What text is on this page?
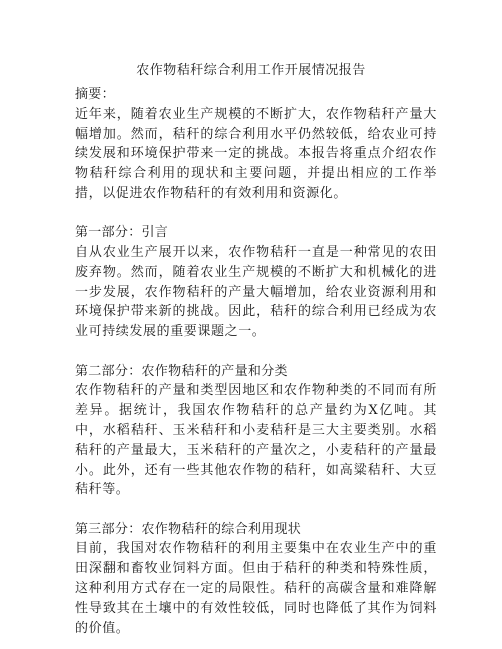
农作物秸秆综合利用工作开展情况报告

摘要：

近年来，随着农业生产规模的不断扩大，农作物秸秆产量大幅增加。然而，秸秆的综合利用水平仍然较低，给农业可持续发展和环境保护带来一定的挑战。本报告将重点介绍农作物秸秆综合利用的现状和主要问题，并提出相应的工作举措，以促进农作物秸秆的有效利用和资源化。

第一部分：引言

自从农业生产展开以来，农作物秸秆一直是一种常见的农田废弃物。然而，随着农业生产规模的不断扩大和机械化的进一步发展，农作物秸秆的产量大幅增加，给农业资源利用和环境保护带来新的挑战。因此，秸秆的综合利用已经成为农业可持续发展的重要课题之一。

第二部分：农作物秸秆的产量和分类

农作物秸秆的产量和类型因地区和农作物种类的不同而有所差异。据统计，我国农作物秸秆的总产量约为X亿吨。其中，水稻秸秆、玉米秸秆和小麦秸秆是三大主要类别。水稻秸秆的产量最大，玉米秸秆的产量次之，小麦秸秆的产量最小。此外，还有一些其他农作物的秸秆，如高粱秸秆、大豆秸秆等。

第三部分：农作物秸秆的综合利用现状

目前，我国对农作物秸秆的利用主要集中在农业生产中的重田深翻和畜牧业饲料方面。但由于秸秆的种类和特殊性质，这种利用方式存在一定的局限性。秸秆的高碳含量和难降解性导致其在土壤中的有效性较低，同时也降低了其作为饲料的价值。
